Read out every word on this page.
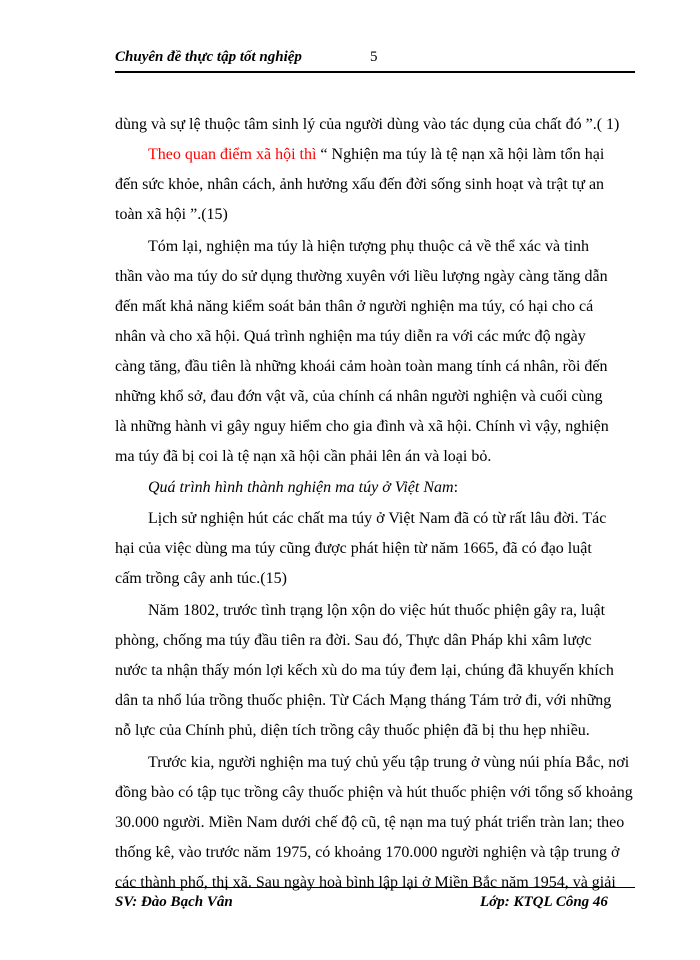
Chuyên đề thực tập tốt nghiệp	5
dùng và sự lệ thuộc tâm sinh lý của người dùng vào tác dụng của chất đó ”.( 1)
Theo quan điểm xã hội thì “ Nghiện ma túy là tệ nạn xã hội làm tổn hại
đến sức khỏe, nhân cách, ảnh hưởng xấu đến đời sống sinh hoạt và trật tự an
toàn xã hội ”.(15)
Tóm lại, nghiện ma túy là hiện tượng phụ thuộc cả về thể xác và tinh
thần vào ma túy do sử dụng thường xuyên với liều lượng ngày càng tăng dẫn
đến mất khả năng kiểm soát bản thân ở người nghiện ma túy, có hại cho cá
nhân và cho xã hội. Quá trình nghiện ma túy diễn ra với các mức độ ngày
càng tăng, đầu tiên là những khoái cảm hoàn toàn mang tính cá nhân, rồi đến
những khổ sở, đau đớn vật vã, của chính cá nhân người nghiện và cuối cùng
là những hành vi gây nguy hiểm cho gia đình và xã hội. Chính vì vậy, nghiện
ma túy đã bị coi là tệ nạn xã hội cần phải lên án và loại bỏ.
Quá trình hình thành nghiện ma túy ở Việt Nam:
Lịch sử nghiện hút các chất ma túy ở Việt Nam đã có từ rất lâu đời. Tác
hại của việc dùng ma túy cũng được phát hiện từ năm 1665, đã có đạo luật
cấm trồng cây anh túc.(15)
Năm 1802, trước tình trạng lộn xộn do việc hút thuốc phiện gây ra, luật
phòng, chống ma túy đầu tiên ra đời. Sau đó, Thực dân Pháp khi xâm lược
nước ta nhận thấy món lợi kếch xù do ma túy đem lại, chúng đã khuyến khích
dân ta nhổ lúa trồng thuốc phiện. Từ Cách Mạng tháng Tám trở đi, với những
nỗ lực của Chính phủ, diện tích trồng cây thuốc phiện đã bị thu hẹp nhiều.
Trước kia, người nghiện ma tuý chủ yếu tập trung ở vùng núi phía Bắc, nơi
đồng bào có tập tục trồng cây thuốc phiện và hút thuốc phiện với tổng số khoảng
30.000 người. Miền Nam dưới chế độ cũ, tệ nạn ma tuý phát triển tràn lan; theo
thống kê, vào trước năm 1975, có khoảng 170.000 người nghiện và tập trung ở
các thành phố, thị xã. Sau ngày hoà bình lập lại ở Miền Bắc năm 1954, và giải
SV: Đào Bạch Vân	Lớp: KTQL Công 46
